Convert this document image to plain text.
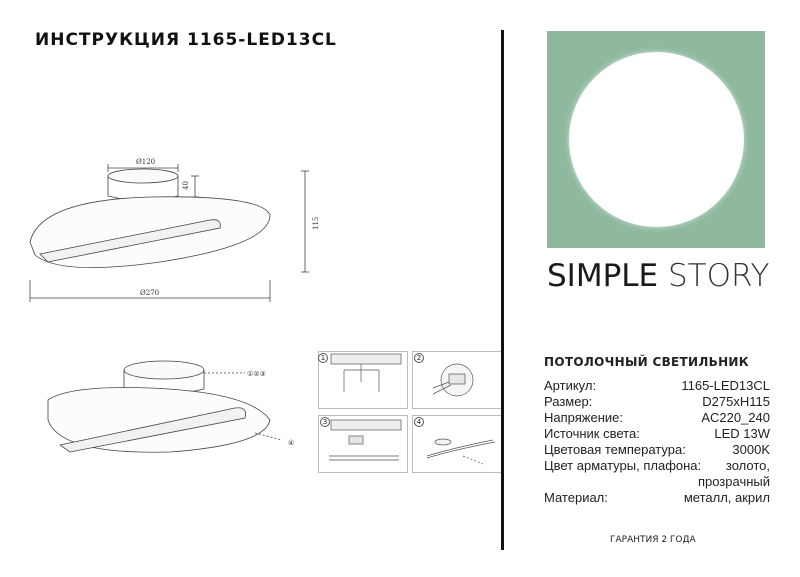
ИНСТРУКЦИЯ 1165-LED13CL
Ø120
40
115
Ø270
①②③
④
1	2
3	4
SIMPLE STORY
ПОТОЛОЧНЫЙ СВЕТИЛЬНИК
Артикул:	1165-LED13CL
Размер:	D275xH115
Напряжение:	AC220_240
Источник света:	LED 13W
Цветовая температура:	3000K
Цвет арматуры, плафона: золото,
прозрачный
Материал:	металл, акрил
ГАРАНТИЯ 2 ГОДА
